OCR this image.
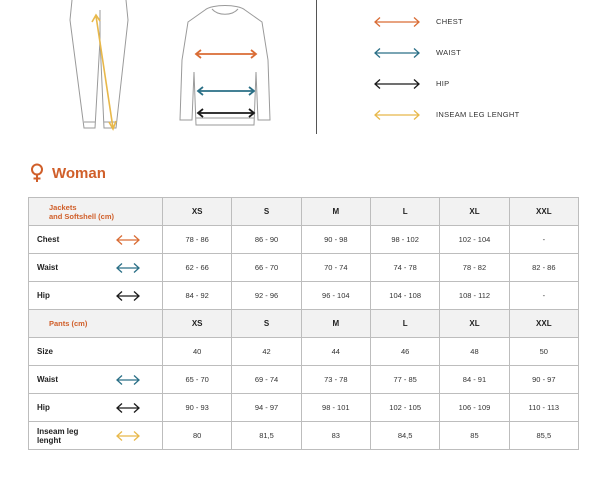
CHEST
WAIST
HIP
INSEAM LEG LENGHT
Woman
Jackets
and Softshell (cm)	XS	S	M	L	XL	XXL

Chest	78 - 86	86 - 90	90 - 98	98 - 102	102 - 104	-

Waist	62 - 66	66 - 70	70 - 74	74 - 78	78 - 82	82 - 86

Hip	84 - 92	92 - 96	96 - 104	104 - 108	108 - 112	-
Pants (cm)	XS	S	M	L	XL	XXL

Size	40	42	44	46	48	50

Waist	65 - 70	69 - 74	73 - 78	77 - 85	84 - 91	90 - 97

Hip	90 - 93	94 - 97	98 - 101	102 - 105	106 - 109	110 - 113

Inseam leg
lenght	80	81,5	83	84,5	85	85,5
